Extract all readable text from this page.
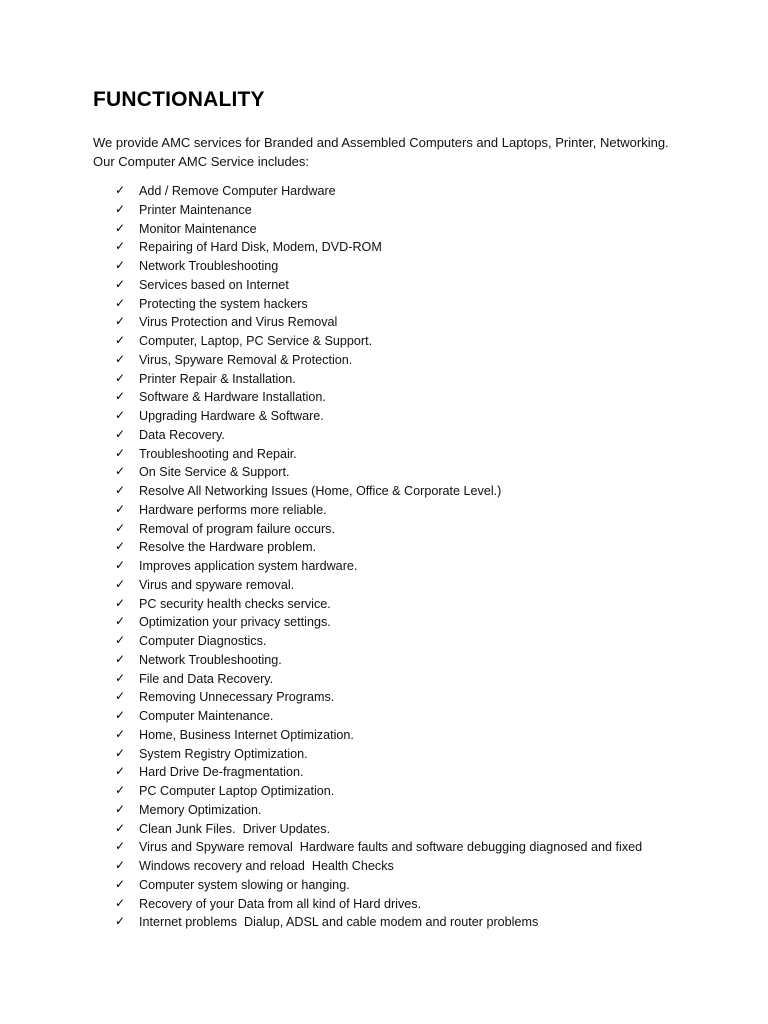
FUNCTIONALITY

We provide AMC services for Branded and Assembled Computers and Laptops, Printer, Networking.
Our Computer AMC Service includes:

✓	Add / Remove Computer Hardware
✓	Printer Maintenance
✓	Monitor Maintenance
✓	Repairing of Hard Disk, Modem, DVD-ROM
✓	Network Troubleshooting
✓	Services based on Internet
✓	Protecting the system hackers
✓	Virus Protection and Virus Removal
✓	Computer, Laptop, PC Service & Support.
✓	Virus, Spyware Removal & Protection.
✓	Printer Repair & Installation.
✓	Software & Hardware Installation.
✓	Upgrading Hardware & Software.
✓	Data Recovery.
✓	Troubleshooting and Repair.
✓	On Site Service & Support.
✓	Resolve All Networking Issues (Home, Office & Corporate Level.)
✓	Hardware performs more reliable.
✓	Removal of program failure occurs.
✓	Resolve the Hardware problem.
✓	Improves application system hardware.
✓	Virus and spyware removal.
✓	PC security health checks service.
✓	Optimization your privacy settings.
✓	Computer Diagnostics.
✓	Network Troubleshooting.
✓	File and Data Recovery.
✓	Removing Unnecessary Programs.
✓	Computer Maintenance.
✓	Home, Business Internet Optimization.
✓	System Registry Optimization.
✓	Hard Drive De-fragmentation.
✓	PC Computer Laptop Optimization.
✓	Memory Optimization.
✓	Clean Junk Files.  Driver Updates.
✓	Virus and Spyware removal  Hardware faults and software debugging diagnosed and fixed
✓	Windows recovery and reload  Health Checks
✓	Computer system slowing or hanging.
✓	Recovery of your Data from all kind of Hard drives.
✓	Internet problems  Dialup, ADSL and cable modem and router problems
